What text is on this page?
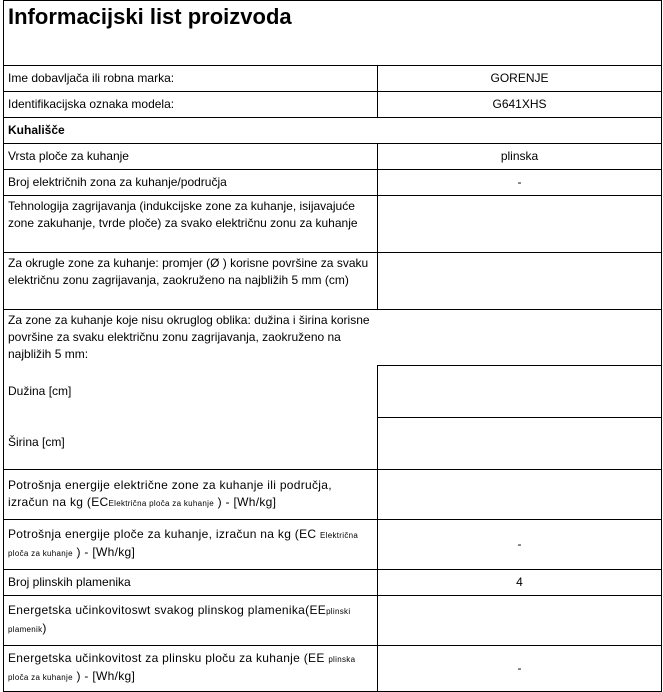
Informacijski list proizvoda	
Ime dobavljača ili robna marka:	GORENJE
Identifikacijska oznaka modela:	G641XHS
Kuhališče	
Vrsta ploče za kuhanje	plinska
Broj električnih zona za kuhanje/područja	-
Tehnologija zagrijavanja (indukcijske zone za kuhanje, isijavajuće zone zakuhanje, tvrde ploče) za svako električnu zonu za kuhanje	
Za okrugle zone za kuhanje: promjer (Ø ) korisne površine za svaku električnu zonu zagrijavanja, zaokruženo na najbližih 5 mm (cm)	
Za zone za kuhanje koje nisu okruglog oblika: dužina i širina korisne površine za svaku električnu zonu zagrijavanja, zaokruženo na najbližih 5 mm:	
Dužina [cm]	
Širina [cm]	
Potrošnja energije električne zone za kuhanje ili područja, izračun na kg (ECElektrična ploča za kuhanje ) - [Wh/kg]	
Potrošnja energije ploče za kuhanje, izračun na kg (EC Električna ploča za kuhanje ) - [Wh/kg]	-
Broj plinskih plamenika	4
Energetska učinkovitoswt svakog plinskog plamenika(EEplinski plamenik)	
Energetska učinkovitost za plinsku ploču za kuhanje (EE plinska ploča za kuhanje ) - [Wh/kg]	-
